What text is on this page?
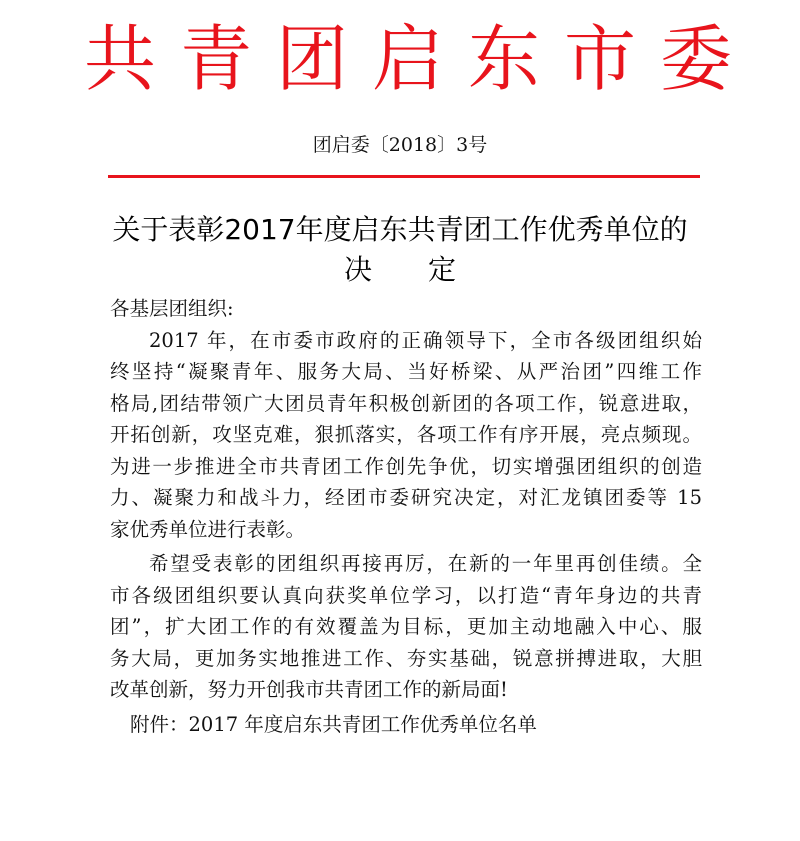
共青团启东市委
团启委〔2018〕3号
关于表彰2017年度启东共青团工作优秀单位的
决定

各基层团组织:

2017 年，在市委市政府的正确领导下，全市各级团组织始

终坚持“凝聚青年、服务大局、当好桥梁、从严治团”四维工作

格局,团结带领广大团员青年积极创新团的各项工作，锐意进取，

开拓创新，攻坚克难，狠抓落实，各项工作有序开展，亮点频现。

为进一步推进全市共青团工作创先争优，切实增强团组织的创造

力、凝聚力和战斗力，经团市委研究决定，对汇龙镇团委等 15

家优秀单位进行表彰。

希望受表彰的团组织再接再厉，在新的一年里再创佳绩。全

市各级团组织要认真向获奖单位学习，以打造“青年身边的共青

团”，扩大团工作的有效覆盖为目标，更加主动地融入中心、服

务大局，更加务实地推进工作、夯实基础，锐意拼搏进取，大胆

改革创新，努力开创我市共青团工作的新局面!

附件：2017 年度启东共青团工作优秀单位名单
